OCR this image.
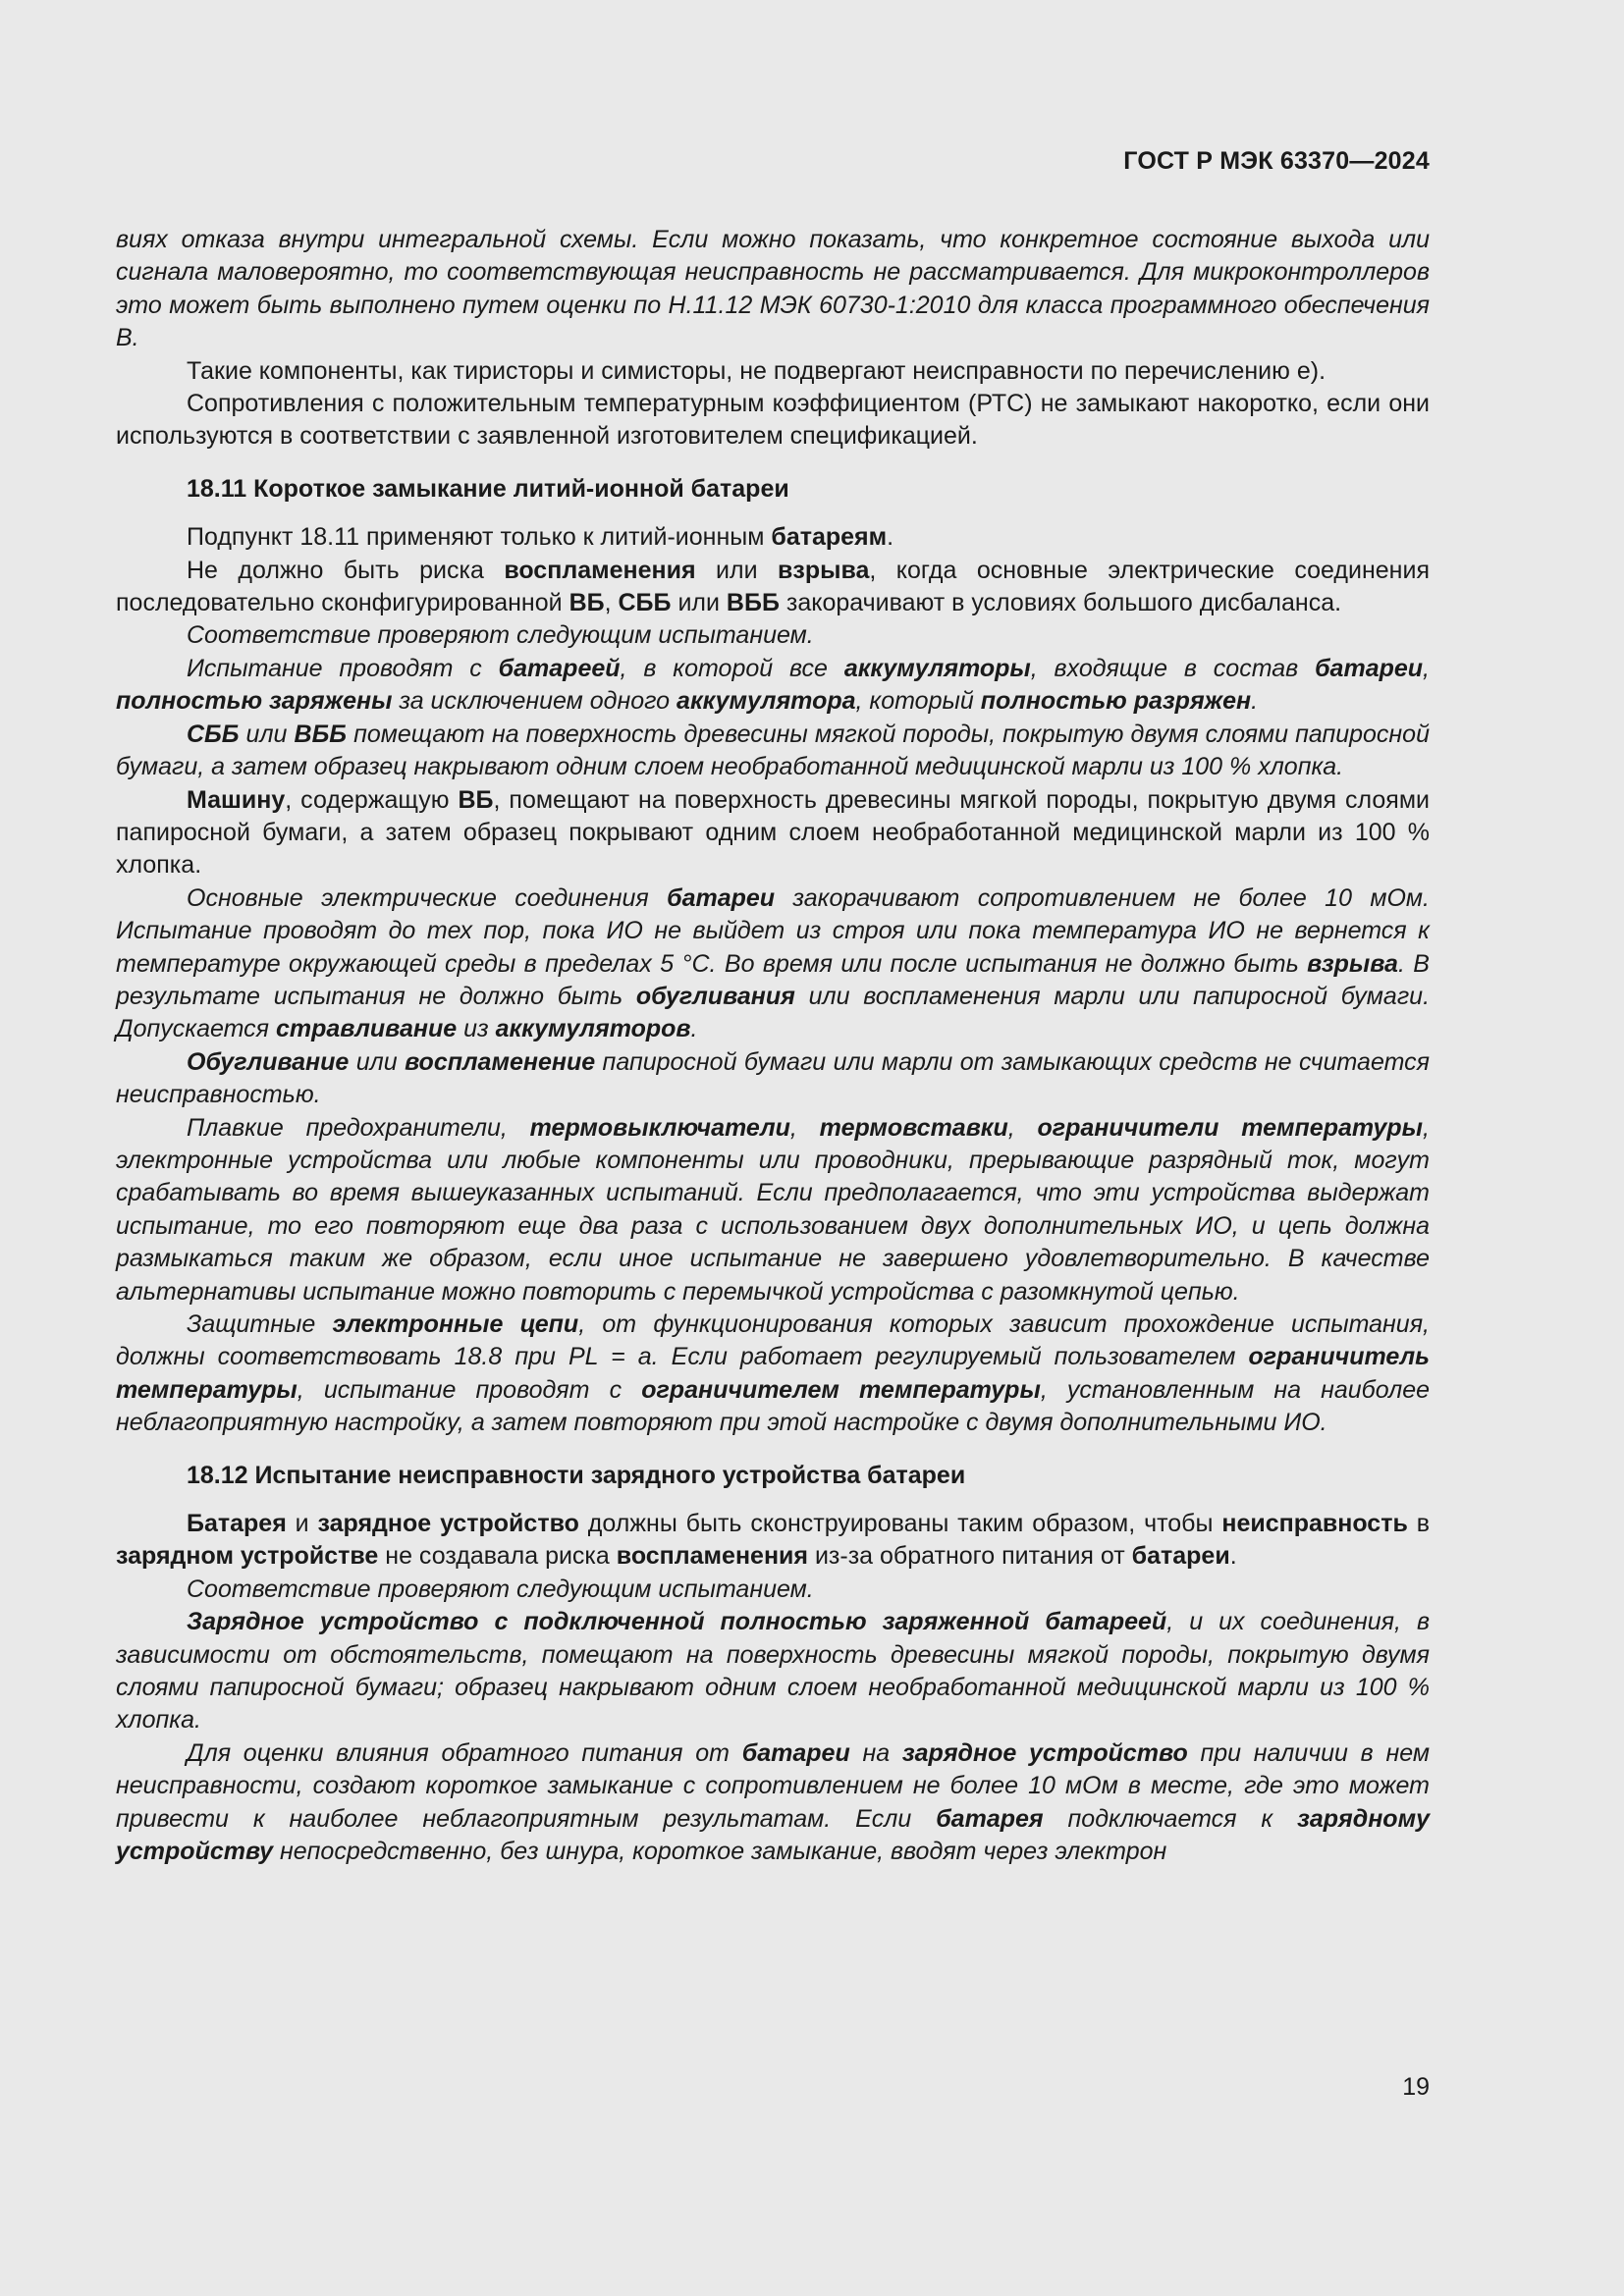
ГОСТ Р МЭК 63370—2024

виях отказа внутри интегральной схемы. Если можно показать, что конкретное состояние выхода или сигнала маловероятно, то соответствующая неисправность не рассматривается. Для микроконтроллеров это может быть выполнено путем оценки по Н.11.12 МЭК 60730-1:2010 для класса программного обеспечения В.

Такие компоненты, как тиристоры и симисторы, не подвергают неисправности по перечислению е).

Сопротивления с положительным температурным коэффициентом (РТС) не замыкают накоротко, если они используются в соответствии с заявленной изготовителем спецификацией.

18.11 Короткое замыкание литий-ионной батареи

Подпункт 18.11 применяют только к литий-ионным батареям.

Не должно быть риска воспламенения или взрыва, когда основные электрические соединения последовательно сконфигурированной ВБ, СББ или ВББ закорачивают в условиях большого дисбаланса.

Соответствие проверяют следующим испытанием.

Испытание проводят с батареей, в которой все аккумуляторы, входящие в состав батареи, полностью заряжены за исключением одного аккумулятора, который полностью разряжен.

СББ или ВББ помещают на поверхность древесины мягкой породы, покрытую двумя слоями папиросной бумаги, а затем образец накрывают одним слоем необработанной медицинской марли из 100 % хлопка.

Машину, содержащую ВБ, помещают на поверхность древесины мягкой породы, покрытую двумя слоями папиросной бумаги, а затем образец покрывают одним слоем необработанной медицинской марли из 100 % хлопка.

Основные электрические соединения батареи закорачивают сопротивлением не более 10 мОм. Испытание проводят до тех пор, пока ИО не выйдет из строя или пока температура ИО не вернется к температуре окружающей среды в пределах 5 °С. Во время или после испытания не должно быть взрыва. В результате испытания не должно быть обугливания или воспламенения марли или папиросной бумаги. Допускается стравливание из аккумуляторов.

Обугливание или воспламенение папиросной бумаги или марли от замыкающих средств не считается неисправностью.

Плавкие предохранители, термовыключатели, термовставки, ограничители температуры, электронные устройства или любые компоненты или проводники, прерывающие разрядный ток, могут срабатывать во время вышеуказанных испытаний. Если предполагается, что эти устройства выдержат испытание, то его повторяют еще два раза с использованием двух дополнительных ИО, и цепь должна размыкаться таким же образом, если иное испытание не завершено удовлетворительно. В качестве альтернативы испытание можно повторить с перемычкой устройства с разомкнутой цепью.

Защитные электронные цепи, от функционирования которых зависит прохождение испытания, должны соответствовать 18.8 при PL = a. Если работает регулируемый пользователем ограничитель температуры, испытание проводят с ограничителем температуры, установленным на наиболее неблагоприятную настройку, а затем повторяют при этой настройке с двумя дополнительными ИО.

18.12 Испытание неисправности зарядного устройства батареи

Батарея и зарядное устройство должны быть сконструированы таким образом, чтобы неисправность в зарядном устройстве не создавала риска воспламенения из-за обратного питания от батареи.

Соответствие проверяют следующим испытанием.

Зарядное устройство с подключенной полностью заряженной батареей, и их соединения, в зависимости от обстоятельств, помещают на поверхность древесины мягкой породы, покрытую двумя слоями папиросной бумаги; образец накрывают одним слоем необработанной медицинской марли из 100 % хлопка.

Для оценки влияния обратного питания от батареи на зарядное устройство при наличии в нем неисправности, создают короткое замыкание с сопротивлением не более 10 мОм в месте, где это может привести к наиболее неблагоприятным результатам. Если батарея подключается к зарядному устройству непосредственно, без шнура, короткое замыкание, вводят через электрон

19
